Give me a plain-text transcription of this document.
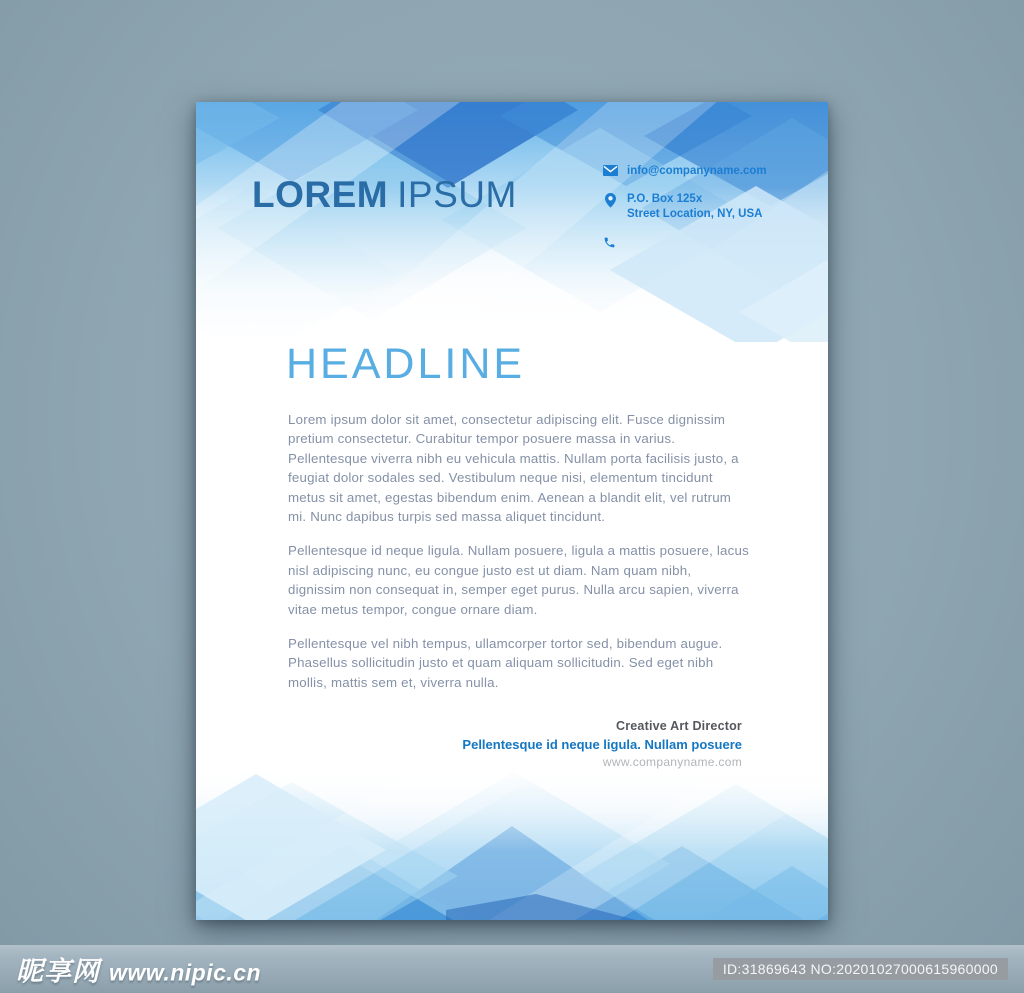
LOREM IPSUM
info@companyname.com
P.O. Box 125x
Street Location, NY, USA
HEADLINE

Lorem ipsum dolor sit amet, consectetur adipiscing elit. Fusce dignissim pretium consectetur. Curabitur tempor posuere massa in varius. Pellentesque viverra nibh eu vehicula mattis. Nullam porta facilisis justo, a feugiat dolor sodales sed. Vestibulum neque nisi, elementum tincidunt metus sit amet, egestas bibendum enim. Aenean a blandit elit, vel rutrum mi. Nunc dapibus turpis sed massa aliquet tincidunt.

Pellentesque id neque ligula. Nullam posuere, ligula a mattis posuere, lacus nisl adipiscing nunc, eu congue justo est ut diam. Nam quam nibh, dignissim non consequat in, semper eget purus. Nulla arcu sapien, viverra vitae metus tempor, congue ornare diam.

Pellentesque vel nibh tempus, ullamcorper tortor sed, bibendum augue. Phasellus sollicitudin justo et quam aliquam sollicitudin. Sed eget nibh mollis, mattis sem et, viverra nulla.

Creative Art Director
Pellentesque id neque ligula. Nullam posuere
www.companyname.com
昵享网 www.nipic.cn	ID:31869643 NO:20201027000615960000
